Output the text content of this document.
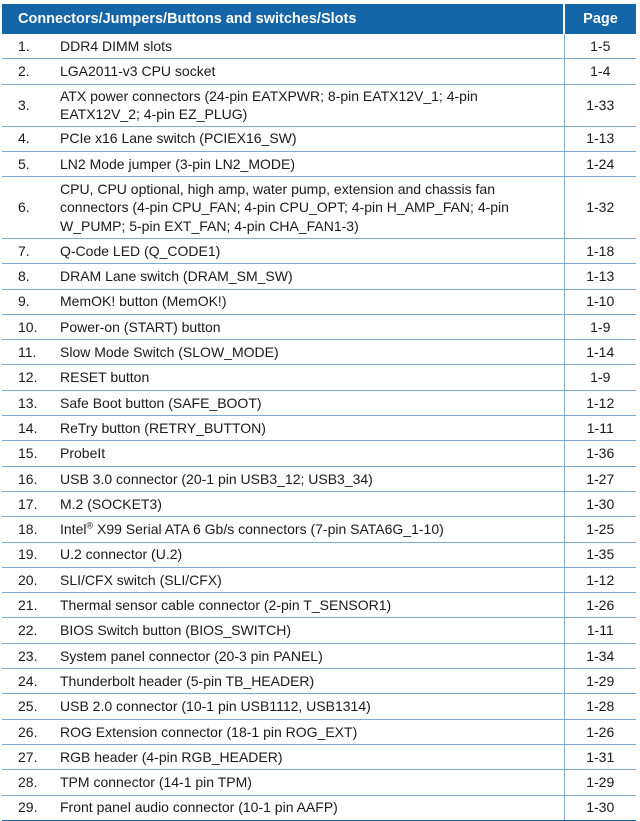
Connectors/Jumpers/Buttons and switches/Slots		Page
1.	DDR4 DIMM slots	1-5
2.	LGA2011-v3 CPU socket	1-4
3.	ATX power connectors (24-pin EATXPWR; 8-pin EATX12V_1; 4-pin EATX12V_2; 4-pin EZ_PLUG)	1-33
4.	PCIe x16 Lane switch (PCIEX16_SW)	1-13
5.	LN2 Mode jumper (3-pin LN2_MODE)	1-24
6.	CPU, CPU optional, high amp, water pump, extension and chassis fan connectors (4-pin CPU_FAN; 4-pin CPU_OPT; 4-pin H_AMP_FAN; 4-pin W_PUMP; 5-pin EXT_FAN; 4-pin CHA_FAN1-3)	1-32
7.	Q-Code LED (Q_CODE1)	1-18
8.	DRAM Lane switch (DRAM_SM_SW)	1-13
9.	MemOK! button (MemOK!)	1-10
10.	Power-on (START) button	1-9
11.	Slow Mode Switch (SLOW_MODE)	1-14
12.	RESET button	1-9
13.	Safe Boot button (SAFE_BOOT)	1-12
14.	ReTry button (RETRY_BUTTON)	1-11
15.	ProbeIt	1-36
16.	USB 3.0 connector (20-1 pin USB3_12; USB3_34)	1-27
17.	M.2 (SOCKET3)	1-30
18.	Intel® X99 Serial ATA 6 Gb/s connectors (7-pin SATA6G_1-10)	1-25
19.	U.2 connector (U.2)	1-35
20.	SLI/CFX switch (SLI/CFX)	1-12
21.	Thermal sensor cable connector (2-pin T_SENSOR1)	1-26
22.	BIOS Switch button (BIOS_SWITCH)	1-11
23.	System panel connector (20-3 pin PANEL)	1-34
24.	Thunderbolt header (5-pin TB_HEADER)	1-29
25.	USB 2.0 connector (10-1 pin USB1112, USB1314)	1-28
26.	ROG Extension connector (18-1 pin ROG_EXT)	1-26
27.	RGB header (4-pin RGB_HEADER)	1-31
28.	TPM connector (14-1 pin TPM)	1-29
29.	Front panel audio connector (10-1 pin AAFP)	1-30
